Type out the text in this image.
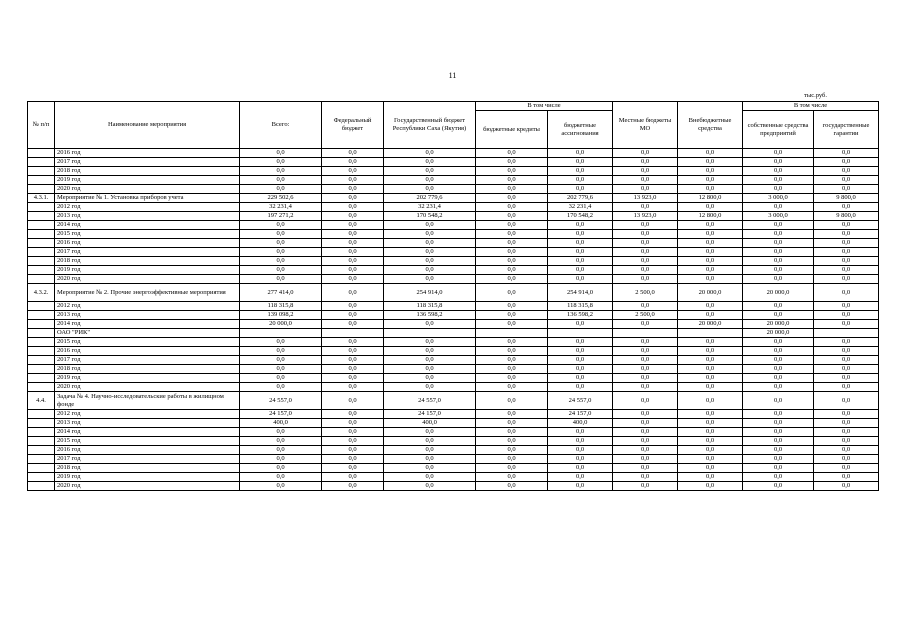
11
тыс.руб.
№ п/п	Наименование мероприятия	Всего:	Федеральный бюджет	Государственный бюджет Республики Саха (Якутия)	В том числе		Местные бюджеты МО	Внебюджетные средства	В том числе	
					бюджетные кредиты	бюджетные ассигнования			собственные средства предприятий	государственные гарантии
	2016 год	0,0	0,0	0,0	0,0	0,0	0,0	0,0	0,0	0,0
	2017 год	0,0	0,0	0,0	0,0	0,0	0,0	0,0	0,0	0,0
	2018 год	0,0	0,0	0,0	0,0	0,0	0,0	0,0	0,0	0,0
	2019 год	0,0	0,0	0,0	0,0	0,0	0,0	0,0	0,0	0,0
	2020 год	0,0	0,0	0,0	0,0	0,0	0,0	0,0	0,0	0,0
4.3.1.	Мероприятие № 1. Установка приборов учета	229 502,6	0,0	202 779,6	0,0	202 779,6	13 923,0	12 800,0	3 000,0	9 800,0
	2012 год	32 231,4	0,0	32 231,4	0,0	32 231,4	0,0	0,0	0,0	0,0
	2013 год	197 271,2	0,0	170 548,2	0,0	170 548,2	13 923,0	12 800,0	3 000,0	9 800,0
	2014 год	0,0	0,0	0,0	0,0	0,0	0,0	0,0	0,0	0,0
	2015 год	0,0	0,0	0,0	0,0	0,0	0,0	0,0	0,0	0,0
	2016 год	0,0	0,0	0,0	0,0	0,0	0,0	0,0	0,0	0,0
	2017 год	0,0	0,0	0,0	0,0	0,0	0,0	0,0	0,0	0,0
	2018 год	0,0	0,0	0,0	0,0	0,0	0,0	0,0	0,0	0,0
	2019 год	0,0	0,0	0,0	0,0	0,0	0,0	0,0	0,0	0,0
	2020 год	0,0	0,0	0,0	0,0	0,0	0,0	0,0	0,0	0,0
4.3.2.	Мероприятие № 2. Прочие энергоэффективные мероприятия	277 414,0	0,0	254 914,0	0,0	254 914,0	2 500,0	20 000,0	20 000,0	0,0
	2012 год	118 315,8	0,0	118 315,8	0,0	118 315,8	0,0	0,0	0,0	0,0
	2013 год	139 098,2	0,0	136 598,2	0,0	136 598,2	2 500,0	0,0	0,0	0,0
	2014 год	20 000,0	0,0	0,0	0,0	0,0	0,0	20 000,0	20 000,0	0,0
	ОАО "РИК"								20 000,0	
	2015 год	0,0	0,0	0,0	0,0	0,0	0,0	0,0	0,0	0,0
	2016 год	0,0	0,0	0,0	0,0	0,0	0,0	0,0	0,0	0,0
	2017 год	0,0	0,0	0,0	0,0	0,0	0,0	0,0	0,0	0,0
	2018 год	0,0	0,0	0,0	0,0	0,0	0,0	0,0	0,0	0,0
	2019 год	0,0	0,0	0,0	0,0	0,0	0,0	0,0	0,0	0,0
	2020 год	0,0	0,0	0,0	0,0	0,0	0,0	0,0	0,0	0,0
4.4.	Задача № 4. Научно-исследовательские работы в жилищном фонде	24 557,0	0,0	24 557,0	0,0	24 557,0	0,0	0,0	0,0	0,0
	2012 год	24 157,0	0,0	24 157,0	0,0	24 157,0	0,0	0,0	0,0	0,0
	2013 год	400,0	0,0	400,0	0,0	400,0	0,0	0,0	0,0	0,0
	2014 год	0,0	0,0	0,0	0,0	0,0	0,0	0,0	0,0	0,0
	2015 год	0,0	0,0	0,0	0,0	0,0	0,0	0,0	0,0	0,0
	2016 год	0,0	0,0	0,0	0,0	0,0	0,0	0,0	0,0	0,0
	2017 год	0,0	0,0	0,0	0,0	0,0	0,0	0,0	0,0	0,0
	2018 год	0,0	0,0	0,0	0,0	0,0	0,0	0,0	0,0	0,0
	2019 год	0,0	0,0	0,0	0,0	0,0	0,0	0,0	0,0	0,0
	2020 год	0,0	0,0	0,0	0,0	0,0	0,0	0,0	0,0	0,0
